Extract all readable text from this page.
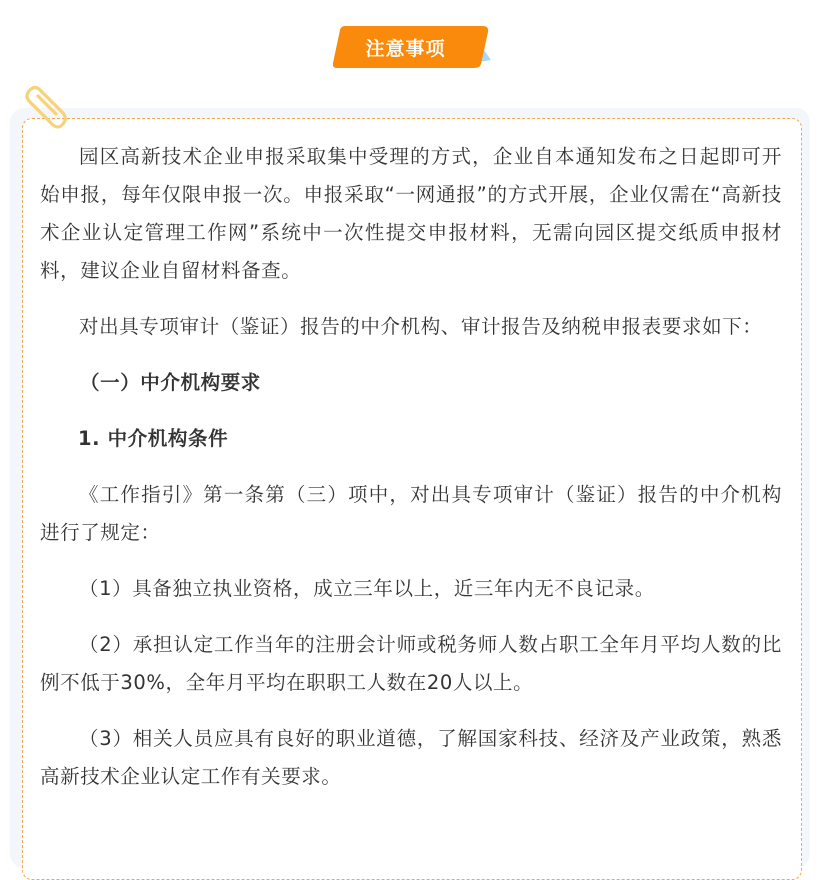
注意事项

园区高新技术企业申报采取集中受理的方式，企业自本通知发布之日起即可开始申报，每年仅限申报一次。申报采取“一网通报”的方式开展，企业仅需在“高新技术企业认定管理工作网”系统中一次性提交申报材料，无需向园区提交纸质申报材料，建议企业自留材料备查。

对出具专项审计（鉴证）报告的中介机构、审计报告及纳税申报表要求如下：

（一）中介机构要求

1. 中介机构条件

《工作指引》第一条第（三）项中，对出具专项审计（鉴证）报告的中介机构进行了规定：

（1）具备独立执业资格，成立三年以上，近三年内无不良记录。

（2）承担认定工作当年的注册会计师或税务师人数占职工全年月平均人数的比例不低于30%，全年月平均在职职工人数在20人以上。

（3）相关人员应具有良好的职业道德，了解国家科技、经济及产业政策，熟悉高新技术企业认定工作有关要求。
